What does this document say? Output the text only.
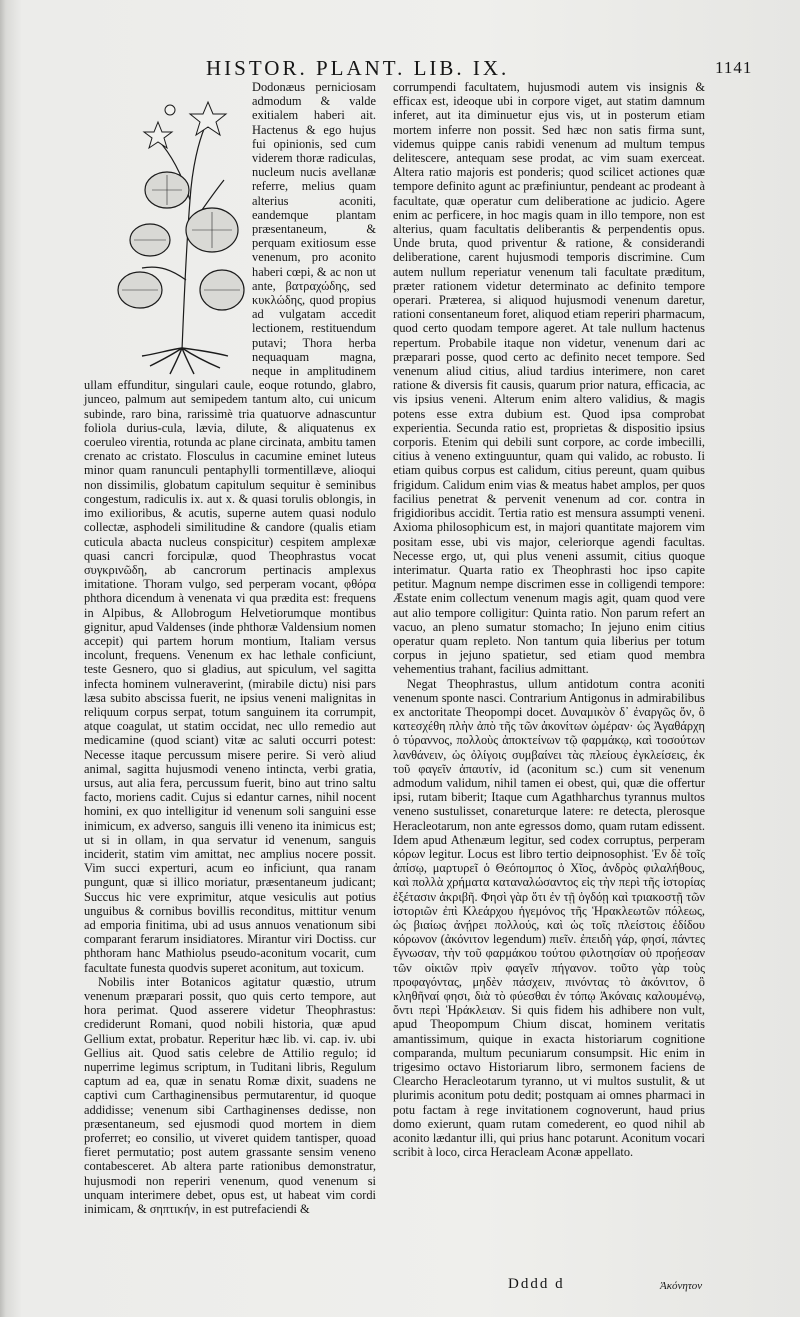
HISTOR. PLANT. LIB. IX.	1141

Dodonæus perniciosam admodum & valde exitialem haberi ait. Hactenus & ego hujus fui opinionis, sed cum viderem thoræ radiculas, nucleum nucis avellanæ referre, melius quam alterius aconiti, eandemque plantam præsentaneum, & perquam exitiosum esse venenum, pro aconito haberi cœpi, & ac non ut ante, βατραχώδης, sed κυκλώδης, quod propius ad vulgatam accedit lectionem, restituendum putavi; Thora herba nequaquam magna, neque in amplitudinem ullam effunditur, singulari caule, eoque rotundo, glabro, junceo, palmum aut semipedem tantum alto, cui unicum subinde, raro bina, rarissimè tria quatuorve adnascuntur foliola durius-cula, lævia, dilute, & aliquatenus ex coeruleo virentia, rotunda ac plane circinata, ambitu tamen crenato ac cristato. Flosculus in cacumine eminet luteus minor quam ranunculi pentaphylli tormentillæve, alioqui non dissimilis, globatum capitulum sequitur è seminibus congestum, radiculis ix. aut x. & quasi torulis oblongis, in imo exilioribus, & acutis, superne autem quasi nodulo collectæ, asphodeli similitudine & candore (qualis etiam cuticula abacta nucleus conspicitur) cespitem amplexæ quasi cancri forcipulæ, quod Theophrastus vocat συγκρινῶδη, ab cancrorum pertinacis amplexus imitatione. Thoram vulgo, sed perperam vocant, φθόρα phthora dicendum à venenata vi qua prædita est: frequens in Alpibus, & Allobrogum Helvetiorumque montibus gignitur, apud Valdenses (inde phthoræ Valdensium nomen accepit) qui partem horum montium, Italiam versus incolunt, frequens. Venenum ex hac lethale conficiunt, teste Gesnero, quo si gladius, aut spiculum, vel sagitta infecta hominem vulneraverint, (mirabile dictu) nisi pars læsa subito abscissa fuerit, ne ipsius veneni malignitas in reliquum corpus serpat, totum sanguinem ita corrumpit, atque coagulat, ut statim occidat, nec ullo remedio aut medicamine (quod sciant) vitæ ac saluti occurri potest: Necesse itaque percussum misere perire. Si verò aliud animal, sagitta hujusmodi veneno intincta, verbi gratia, ursus, aut alia fera, percussum fuerit, bino aut trino saltu facto, moriens cadit. Cujus si edantur carnes, nihil nocent homini, ex quo intelligitur id venenum soli sanguini esse inimicum, ex adverso, sanguis illi veneno ita inimicus est; ut si in ollam, in qua servatur id venenum, sanguis inciderit, statim vim amittat, nec amplius nocere possit. Vim succi experturi, acum eo inficiunt, qua ranam pungunt, quæ si illico moriatur, præsentaneum judicant; Succus hic vere exprimitur, atque vesiculis aut potius unguibus & cornibus bovillis reconditus, mittitur venum ad emporia finitima, ubi ad usus annuos venationum sibi comparant ferarum insidiatores. Mirantur viri Doctiss. cur phthoram hanc Mathiolus pseudo-aconitum vocarit, cum facultate funesta quodvis superet aconitum, aut toxicum.

Nobilis inter Botanicos agitatur quæstio, utrum venenum præparari possit, quo quis certo tempore, aut hora perimat. Quod asserere videtur Theophrastus: crediderunt Romani, quod nobili historia, quæ apud Gellium extat, probatur. Reperitur hæc lib. vi. cap. iv. ubi Gellius ait. Quod satis celebre de Attilio regulo; id nuperrime legimus scriptum, in Tuditani libris, Regulum captum ad ea, quæ in senatu Romæ dixit, suadens ne captivi cum Carthaginensibus permutarentur, id quoque addidisse; venenum sibi Carthaginenses dedisse, non præsentaneum, sed ejusmodi quod mortem in diem proferret; eo consilio, ut viveret quidem tantisper, quoad fieret permutatio; post autem grassante sensim veneno contabesceret. Ab altera parte rationibus demonstratur, hujusmodi non reperiri venenum, quod venenum si unquam interimere debet, opus est, ut habeat vim cordi inimicam, & σηπτικήν, in est putrefaciendi &

corrumpendi facultatem, hujusmodi autem vis insignis & efficax est, ideoque ubi in corpore viget, aut statim damnum inferet, aut ita diminuetur ejus vis, ut in posterum etiam mortem inferre non possit. Sed hæc non satis firma sunt, videmus quippe canis rabidi venenum ad multum tempus delitescere, antequam sese prodat, ac vim suam exerceat. Altera ratio majoris est ponderis; quod scilicet actiones quæ tempore definito agunt ac præfiniuntur, pendeant ac prodeant à facultate, quæ operatur cum deliberatione ac judicio. Agere enim ac perficere, in hoc magis quam in illo tempore, non est alterius, quam facultatis deliberantis & perpendentis opus. Unde bruta, quod priventur & ratione, & considerandi deliberatione, carent hujusmodi temporis discrimine. Cum autem nullum reperiatur venenum tali facultate præditum, præter rationem videtur determinato ac definito tempore operari. Præterea, si aliquod hujusmodi venenum daretur, rationi consentaneum foret, aliquod etiam reperiri pharmacum, quod certo quodam tempore ageret. At tale nullum hactenus repertum. Probabile itaque non videtur, venenum dari ac præparari posse, quod certo ac definito necet tempore. Sed venenum aliud citius, aliud tardius interimere, non caret ratione & diversis fit causis, quarum prior natura, efficacia, ac vis ipsius veneni. Alterum enim altero validius, & magis potens esse extra dubium est. Quod ipsa comprobat experientia. Secunda ratio est, proprietas & dispositio ipsius corporis. Etenim qui debili sunt corpore, ac corde imbecilli, citius à veneno extinguuntur, quam qui valido, ac robusto. Ii etiam quibus corpus est calidum, citius pereunt, quam quibus frigidum. Calidum enim vias & meatus habet amplos, per quos facilius penetrat & pervenit venenum ad cor. contra in frigidioribus accidit. Tertia ratio est mensura assumpti veneni. Axioma philosophicum est, in majori quantitate majorem vim positam esse, ubi vis major, celeriorque agendi facultas. Necesse ergo, ut, qui plus veneni assumit, citius quoque interimatur. Quarta ratio ex Theophrasti hoc ipso capite petitur. Magnum nempe discrimen esse in colligendi tempore: Æstate enim collectum venenum magis agit, quam quod vere aut alio tempore colligitur: Quinta ratio. Non parum refert an vacuo, an pleno sumatur stomacho; In jejuno enim citius operatur quam repleto. Non tantum quia liberius per totum corpus in jejuno spatietur, sed etiam quod membra vehementius trahant, facilius admittant.

Negat Theophrastus, ullum antidotum contra aconiti venenum sponte nasci. Contrarium Antigonus in admirabilibus ex anctoritate Theopompi docet. Δυναμικὸν δ᾽ ἐναργῶς ὄν, ὃ κατεσχέθη πλὴν ἀπὸ τῆς τῶν ἀκονίτων ὠμέραν· ὡς Ἀγαθάρχη ὁ τύραννος, πολλοὺς ἀποκτείνων τῷ φαρμάκῳ, καὶ τοσούτων λανθάνειν, ὡς ὀλίγοις συμβαίνει τὰς πλείους ἐγκλείσεις, ἐκ τοῦ φαγεῖν ἀπαυτίν, id (aconitum sc.) cum sit venenum admodum validum, nihil tamen ei obest, qui, quæ die offertur ipsi, rutam biberit; Itaque cum Agathharchus tyrannus multos veneno sustulisset, conareturque latere: re detecta, plerosque Heracleotarum, non ante egressos domo, quam rutam edissent. Idem apud Athenæum legitur, sed codex corruptus, perperam κόρων legitur. Locus est libro tertio deipnosophist. Ἐν δὲ τοῖς ἀπίσῳ, μαρτυρεῖ ὁ Θεόπομπος ὁ Χῖος, ἀνδρὸς φιλαλήθους, καὶ πολλὰ χρήματα καταναλώσαντος εἰς τὴν περὶ τῆς ἱστορίας ἐξέτασιν ἀκριβῆ. Φησὶ γὰρ ὅτι ἐν τῇ ὀγδόῃ καὶ τριακοστῇ τῶν ἱστοριῶν ἐπὶ Κλεάρχου ἡγεμόνος τῆς Ἡρακλεωτῶν πόλεως, ὡς βιαίως ἀνῄρει πολλούς, καὶ ὡς τοῖς πλείστοις ἐδίδου κόρωνον (ἀκόνιτον legendum) πιεῖν. ἐπειδὴ γάρ, φησί, πάντες ἔγνωσαν, τὴν τοῦ φαρμάκου τούτου φιλοτησίαν οὐ προῄεσαν τῶν οἰκιῶν πρὶν φαγεῖν πήγανον. τοῦτο γὰρ τοὺς προφαγόντας, μηδὲν πάσχειν, πινόντας τὸ ἀκόνιτον, ὃ κληθῆναί φησι, διὰ τὸ φύεσθαι ἐν τόπῳ Ἀκόναις καλουμένῳ, ὄντι περὶ Ἡράκλειαν. Si quis fidem his adhibere non vult, apud Theopompum Chium discat, hominem veritatis amantissimum, quique in exacta historiarum cognitione comparanda, multum pecuniarum consumpsit. Hic enim in trigesimo octavo Historiarum libro, sermonem faciens de Clearcho Heracleotarum tyranno, ut vi multos sustulit, & ut plurimis aconitum potu dedit; postquam ai omnes pharmaci in potu factam à rege invitationem cognoverunt, haud prius domo exierunt, quam rutam comederent, eo quod nihil ab aconito lædantur illi, qui prius hanc potarunt. Aconitum vocari scribit à loco, circa Heracleam Aconæ appellato.

Dddd d	Ἀκόνητον
